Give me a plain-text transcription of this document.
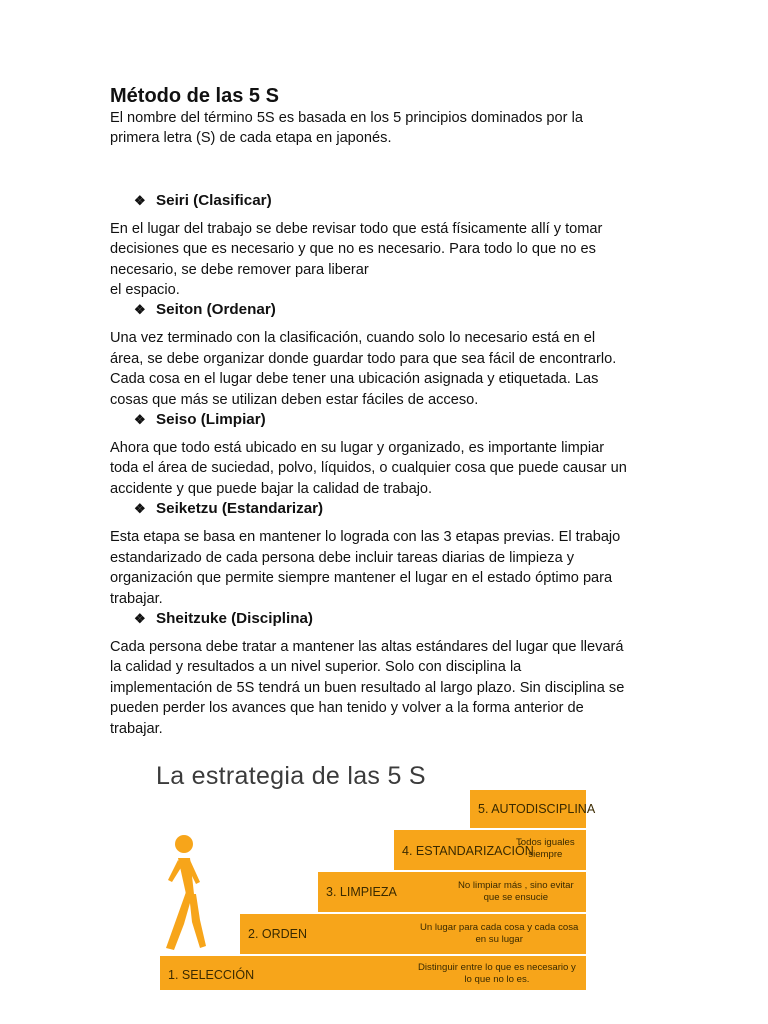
Método de las 5 S

El nombre del término 5S es basada en los 5 principios dominados por la

primera letra (S) de cada etapa en japonés.

❖ Seiri (Clasificar)

En el lugar del trabajo se debe revisar todo que está físicamente allí y tomar

decisiones que es necesario y que no es necesario. Para todo lo que no es

necesario, se debe remover para liberar

el espacio.

❖ Seiton (Ordenar)

Una vez terminado con la clasificación, cuando solo lo necesario está en el

área, se debe organizar donde guardar todo para que sea fácil de encontrarlo.

Cada cosa en el lugar debe tener una ubicación asignada y etiquetada. Las

cosas que más se utilizan deben estar fáciles de acceso.

❖ Seiso (Limpiar)

Ahora que todo está ubicado en su lugar y organizado, es importante limpiar

toda el área de suciedad, polvo, líquidos, o cualquier cosa que puede causar un

accidente y que puede bajar la calidad de trabajo.

❖ Seiketzu (Estandarizar)

Esta etapa se basa en mantener lo lograda con las 3 etapas previas. El trabajo

estandarizado de cada persona debe incluir tareas diarias de limpieza y

organización que permite siempre mantener el lugar en el estado óptimo para

trabajar.

❖ Sheitzuke (Disciplina)

Cada persona debe tratar a mantener las altas estándares del lugar que llevará

la calidad y resultados a un nivel superior. Solo con disciplina la

implementación de 5S tendrá un buen resultado al largo plazo. Sin disciplina se

pueden perder los avances que han tenido y volver a la forma anterior de

trabajar.

La estrategia de las 5 S
1. SELECCIÓN
Distinguir entre lo que es necesario y
lo que no lo es.
2. ORDEN	Un lugar para cada cosa y cada cosa
en su lugar
3. LIMPIEZA	No limpiar más , sino evitar
que se ensucie
4. ESTANDARIZACIÓN
Todos iguales
siempre
5. AUTODISCIPLINA
